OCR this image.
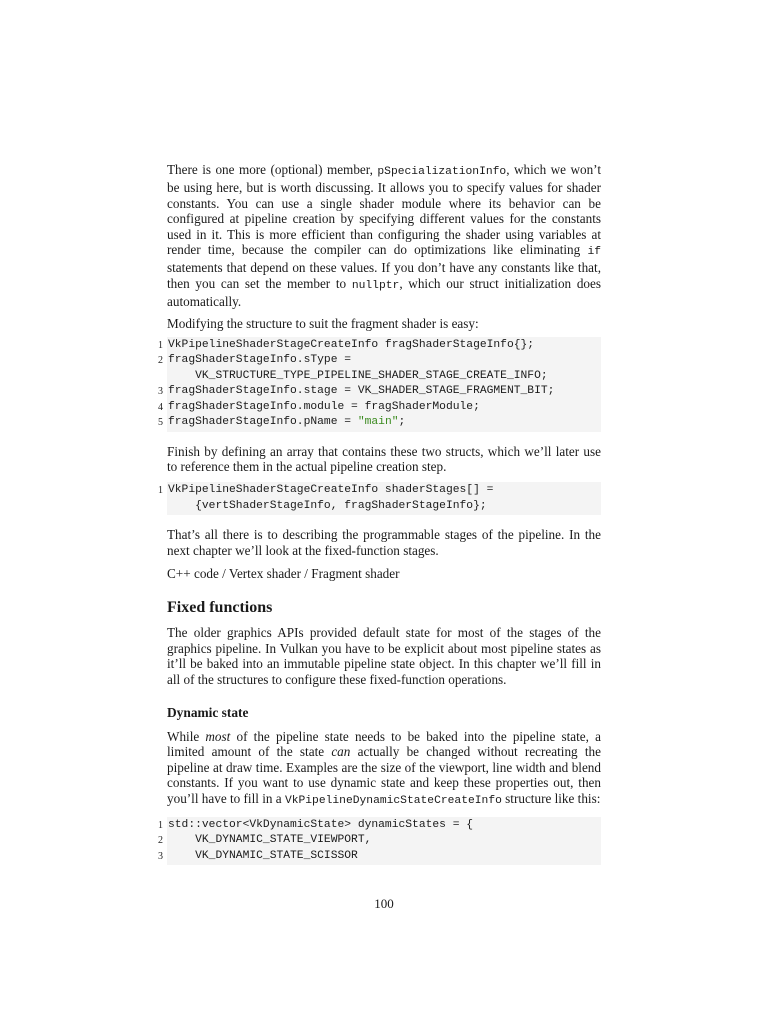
There is one more (optional) member, pSpecializationInfo, which we won’t be using here, but is worth discussing. It allows you to specify values for shader constants. You can use a single shader module where its behavior can be configured at pipeline creation by specifying different values for the constants used in it. This is more efficient than configuring the shader using variables at render time, because the compiler can do optimizations like eliminating if statements that depend on these values. If you don’t have any constants like that, then you can set the member to nullptr, which our struct initialization does automatically.

Modifying the structure to suit the fragment shader is easy:

1 VkPipelineShaderStageCreateInfo fragShaderStageInfo{};
2 fragShaderStageInfo.sType =
VK_STRUCTURE_TYPE_PIPELINE_SHADER_STAGE_CREATE_INFO;
3 fragShaderStageInfo.stage = VK_SHADER_STAGE_FRAGMENT_BIT;
4 fragShaderStageInfo.module = fragShaderModule;
5 fragShaderStageInfo.pName = "main";

Finish by defining an array that contains these two structs, which we’ll later use to reference them in the actual pipeline creation step.

1 VkPipelineShaderStageCreateInfo shaderStages[] =
{vertShaderStageInfo, fragShaderStageInfo};

That’s all there is to describing the programmable stages of the pipeline. In the next chapter we’ll look at the fixed-function stages.

C++ code / Vertex shader / Fragment shader

Fixed functions

The older graphics APIs provided default state for most of the stages of the graphics pipeline. In Vulkan you have to be explicit about most pipeline states as it’ll be baked into an immutable pipeline state object. In this chapter we’ll fill in all of the structures to configure these fixed-function operations.

Dynamic state

While most of the pipeline state needs to be baked into the pipeline state, a limited amount of the state can actually be changed without recreating the pipeline at draw time. Examples are the size of the viewport, line width and blend constants. If you want to use dynamic state and keep these properties out, then you’ll have to fill in a VkPipelineDynamicStateCreateInfo structure like this:

1 std::vector<VkDynamicState> dynamicStates = {
2 VK_DYNAMIC_STATE_VIEWPORT,
3 VK_DYNAMIC_STATE_SCISSOR
100
